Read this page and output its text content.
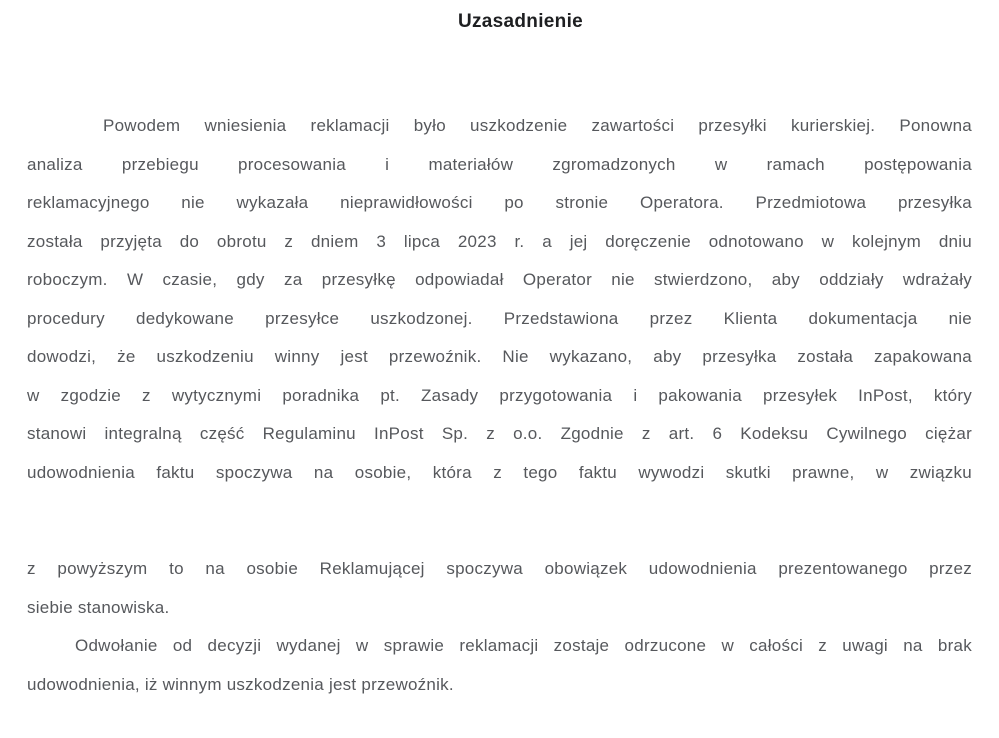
Uzasadnienie
Powodem wniesienia reklamacji było uszkodzenie zawartości przesyłki kurierskiej. Ponowna
analiza przebiegu procesowania i materiałów zgromadzonych w ramach postępowania
reklamacyjnego nie wykazała nieprawidłowości po stronie Operatora. Przedmiotowa przesyłka
została przyjęta do obrotu z dniem 3 lipca 2023 r. a jej doręczenie odnotowano w kolejnym dniu
roboczym. W czasie, gdy za przesyłkę odpowiadał Operator nie stwierdzono, aby oddziały wdrażały
procedury dedykowane przesyłce uszkodzonej. Przedstawiona przez Klienta dokumentacja nie
dowodzi, że uszkodzeniu winny jest przewoźnik. Nie wykazano, aby przesyłka została zapakowana
w zgodzie z wytycznymi poradnika pt. Zasady przygotowania i pakowania przesyłek InPost, który
stanowi integralną część Regulaminu InPost Sp. z o.o. Zgodnie z art. 6 Kodeksu Cywilnego ciężar
udowodnienia faktu spoczywa na osobie, która z tego faktu wywodzi skutki prawne, w związku
z powyższym to na osobie Reklamującej spoczywa obowiązek udowodnienia prezentowanego przez
siebie stanowiska.
Odwołanie od decyzji wydanej w sprawie reklamacji zostaje odrzucone w całości z uwagi na brak
udowodnienia, iż winnym uszkodzenia jest przewoźnik.
